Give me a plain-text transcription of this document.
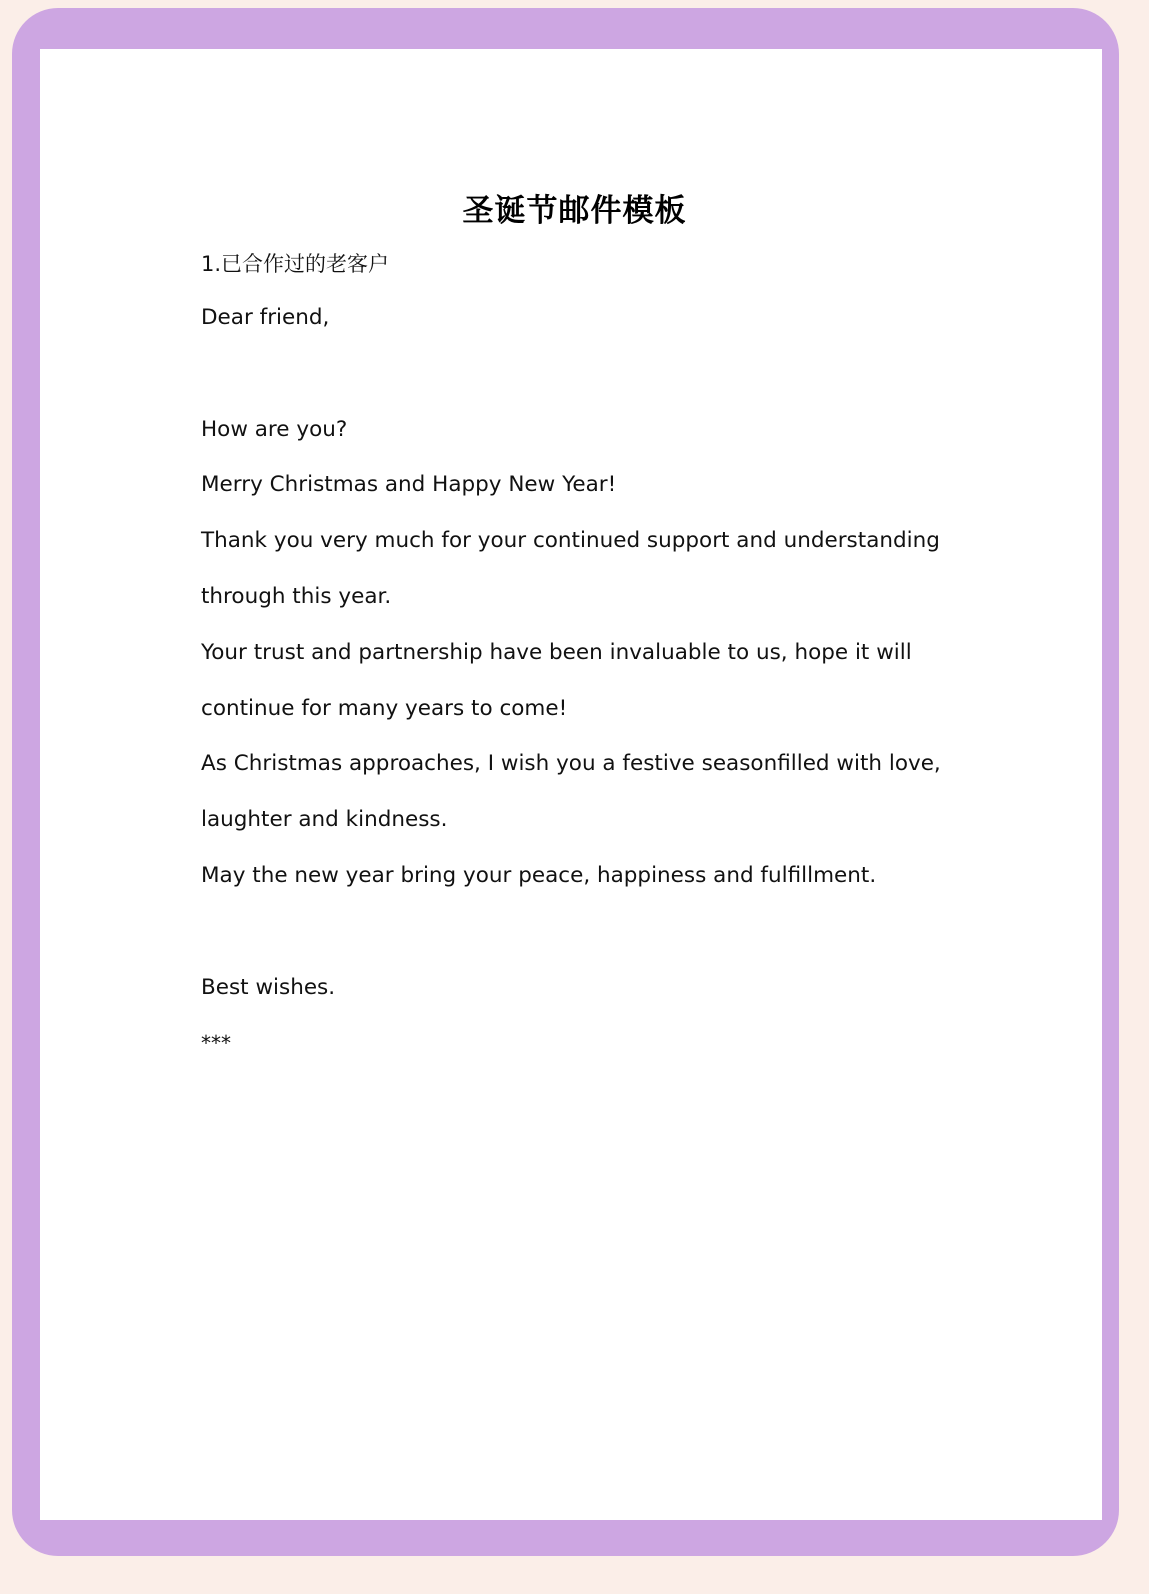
圣诞节邮件模板
1.已合作过的老客户
Dear friend,
How are you?
Merry Christmas and Happy New Year!
Thank you very much for your continued support and understanding
through this year.
Your trust and partnership have been invaluable to us, hope it will
continue for many years to come!
As Christmas approaches, I wish you a festive seasonfilled with love,
laughter and kindness.
May the new year bring your peace, happiness and fulfillment.
Best wishes.
***
